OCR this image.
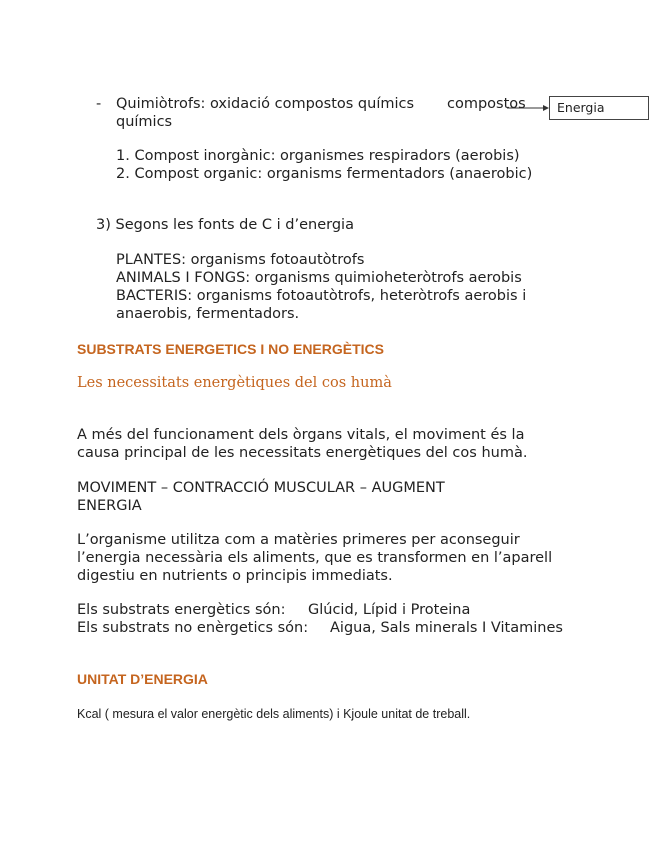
- Quimiòtrofs: oxidació compostos químics compostos
químics
Energia
1. Compost inorgànic: organismes respiradors (aerobis)
2. Compost organic: organisms fermentadors (anaerobic)
3) Segons les fonts de C i d’energia
PLANTES: organisms fotoautòtrofs
ANIMALS I FONGS: organisms quimioheteròtrofs aerobis
BACTERIS: organisms fotoautòtrofs, heteròtrofs aerobis i
anaerobis, fermentadors.
SUBSTRATS ENERGETICS I NO ENERGÈTICS
Les necessitats energètiques del cos humà
A més del funcionament dels òrgans vitals, el moviment és la
causa principal de les necessitats energètiques del cos humà.
MOVIMENT – CONTRACCIÓ MUSCULAR – AUGMENT
ENERGIA
L’organisme utilitza com a matèries primeres per aconseguir
l’energia necessària els aliments, que es transformen en l’aparell
digestiu en nutrients o principis immediats.
Els substrats energètics són: Glúcid, Lípid i Proteina
Els substrats no enèrgetics són: Aigua, Sals minerals I Vitamines
UNITAT D’ENERGIA
Kcal ( mesura el valor energètic dels aliments) i Kjoule unitat de treball.
